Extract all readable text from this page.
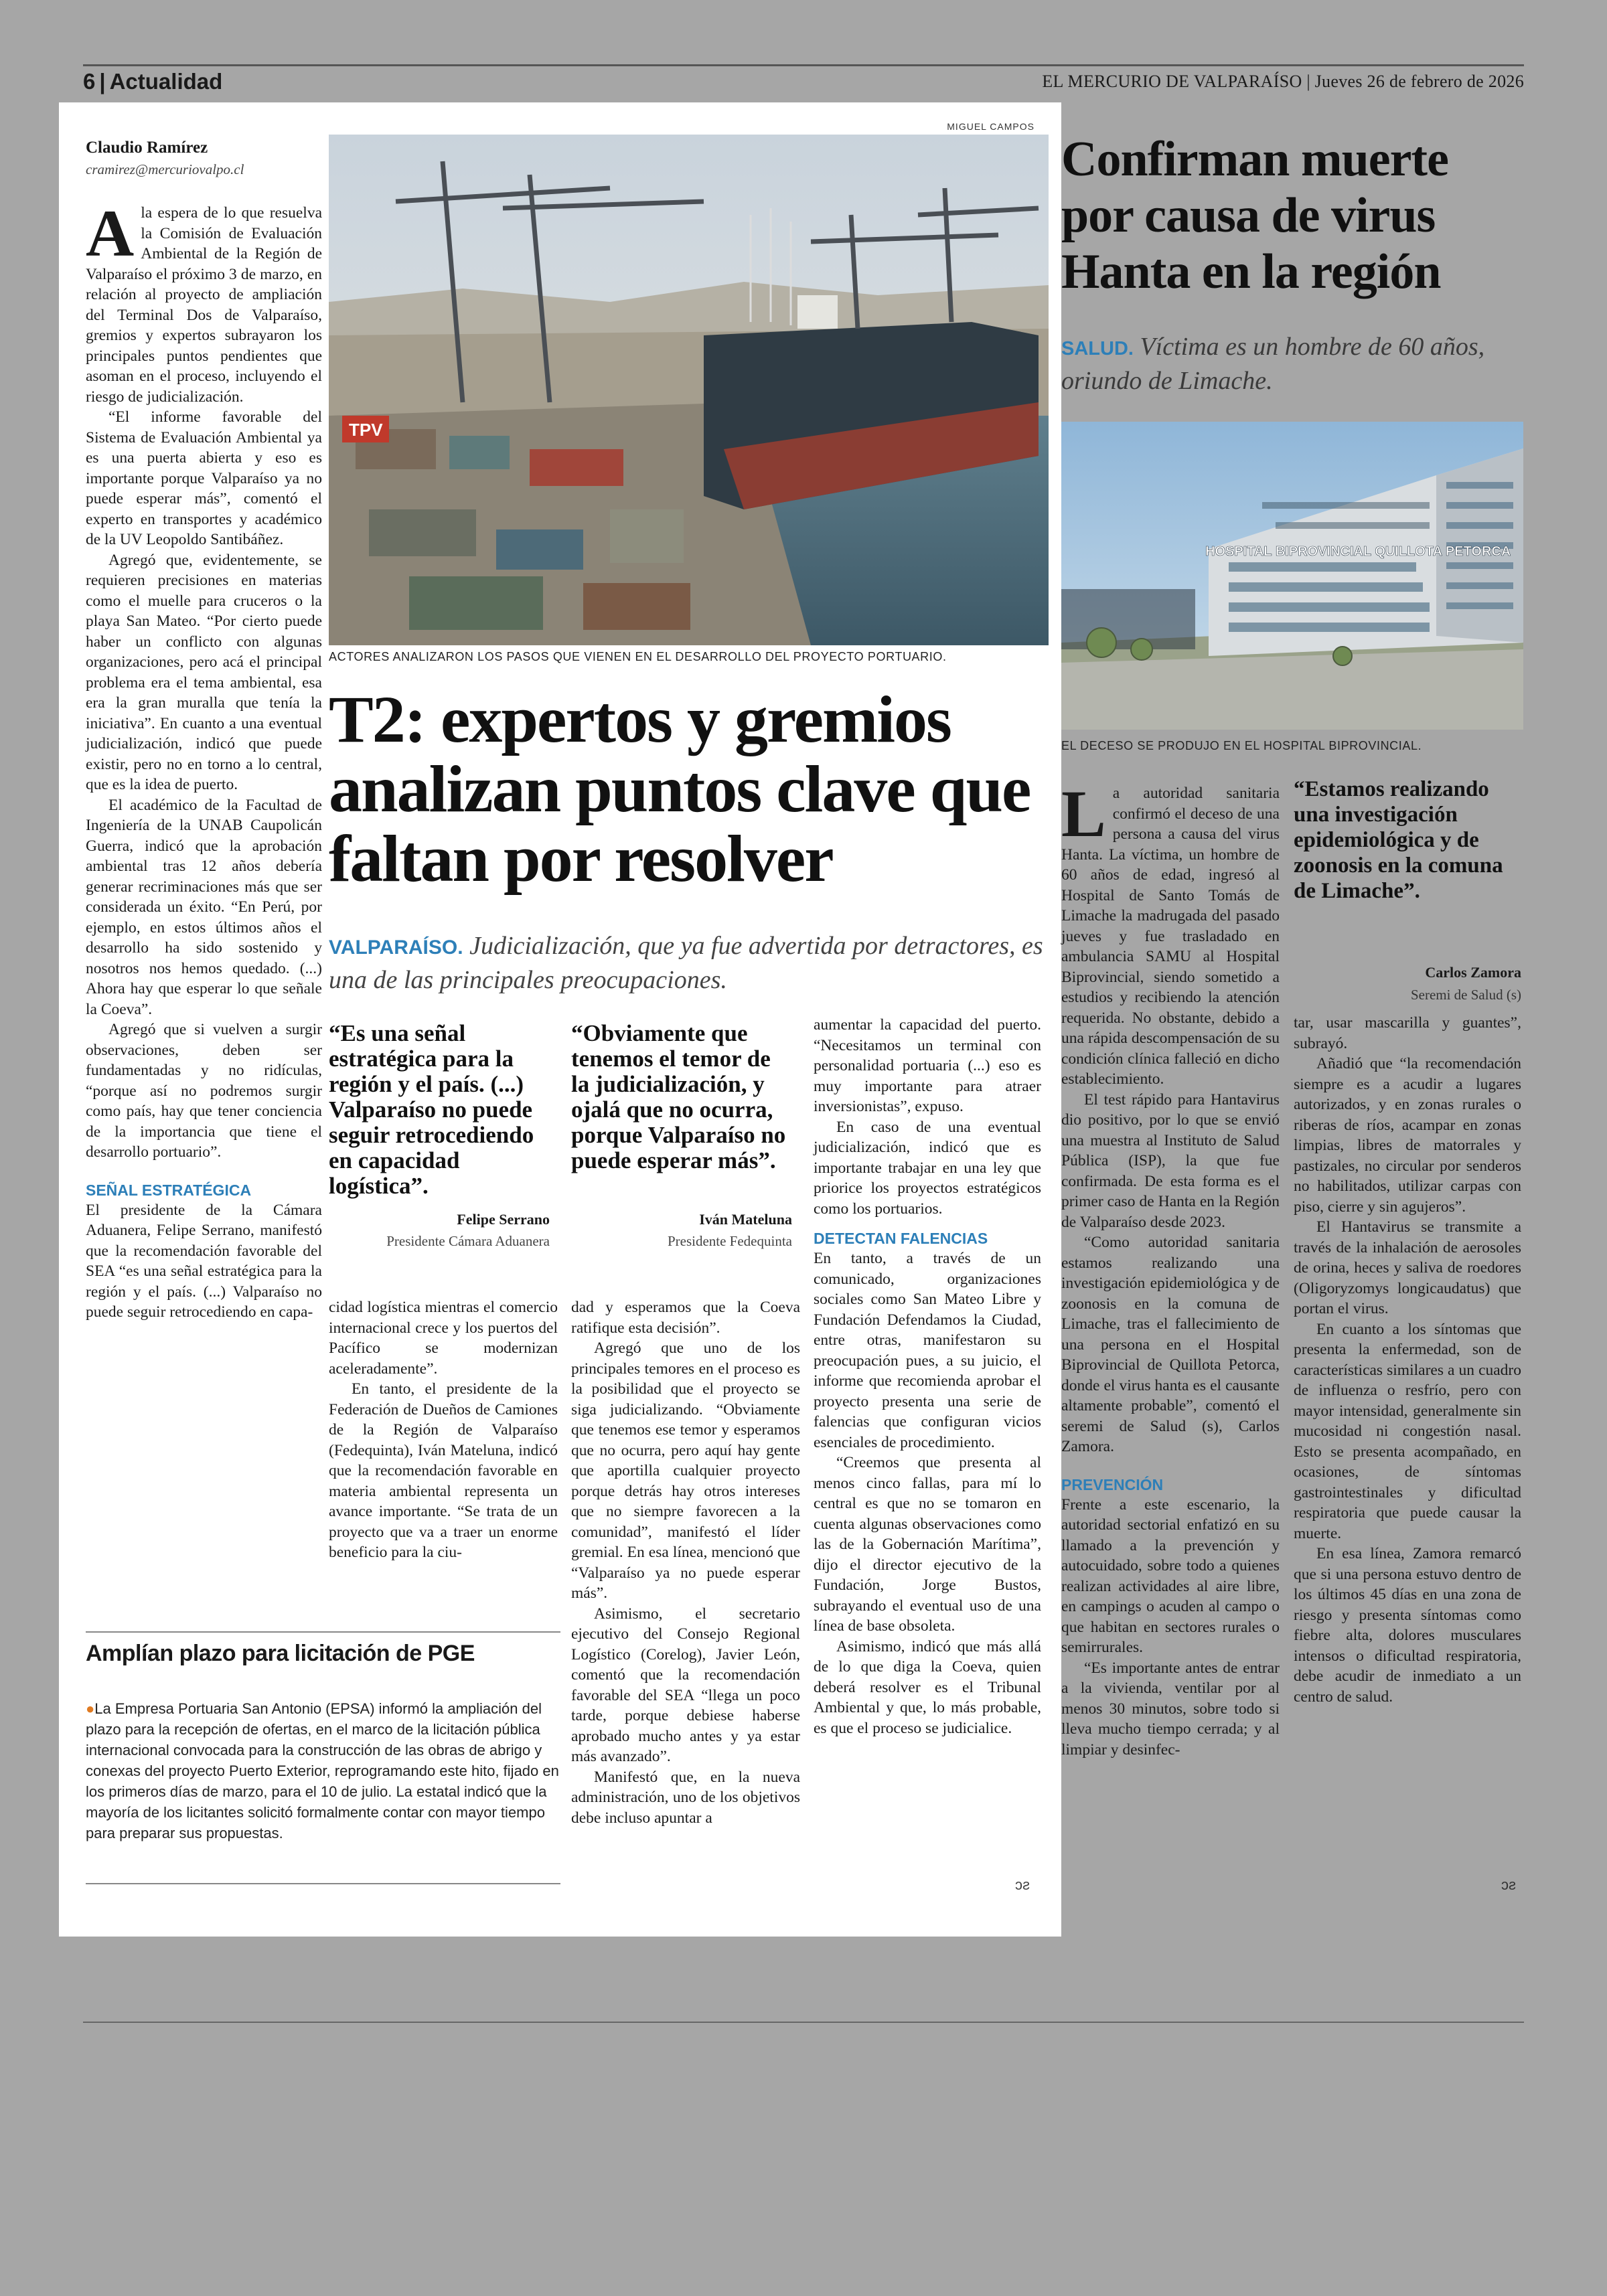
6 | Actualidad	EL MERCURIO DE VALPARAÍSO | Jueves 26 de febrero de 2026
Claudio Ramírez
cramirez@mercuriovalpo.cl

Ala espera de lo que resuelva la Comisión de Evaluación Ambiental de la Región de Valparaíso el próximo 3 de marzo, en relación al proyecto de ampliación del Terminal Dos de Valparaíso, gremios y expertos subrayaron los principales puntos pendientes que asoman en el proceso, incluyendo el riesgo de judicialización.

“El informe favorable del Sistema de Evaluación Ambiental ya es una puerta abierta y eso es importante porque Valparaíso ya no puede esperar más”, comentó el experto en transportes y académico de la UV Leopoldo Santibáñez.

Agregó que, evidentemente, se requieren precisiones en materias como el muelle para cruceros o la playa San Mateo. “Por cierto puede haber un conflicto con algunas organizaciones, pero acá el principal problema era el tema ambiental, esa era la gran muralla que tenía la iniciativa”. En cuanto a una eventual judicialización, indicó que puede existir, pero no en torno a lo central, que es la idea de puerto.

El académico de la Facultad de Ingeniería de la UNAB Caupolicán Guerra, indicó que la aprobación ambiental tras 12 años debería generar recriminaciones más que ser considerada un éxito. “En Perú, por ejemplo, en estos últimos años el desarrollo ha sido sostenido y nosotros nos hemos quedado. (...) Ahora hay que esperar lo que señale la Coeva”.

Agregó que si vuelven a surgir observaciones, deben ser fundamentadas y no ridículas, “porque así no podremos surgir como país, hay que tener conciencia de la importancia que tiene el desarrollo portuario”.

SEÑAL ESTRATÉGICA

El presidente de la Cámara Aduanera, Felipe Serrano, manifestó que la recomendación favorable del SEA “es una señal estratégica para la región y el país. (...) Valparaíso no puede seguir retrocediendo en capa-

MIGUEL CAMPOS
TPV
ACTORES ANALIZARON LOS PASOS QUE VIENEN EN EL DESARROLLO DEL PROYECTO PORTUARIO.
T2: expertos y gremios analizan puntos clave que faltan por resolver
VALPARAÍSO. Judicialización, que ya fue advertida por detractores, es una de las principales preocupaciones.
“Es una señal estratégica para la región y el país. (...) Valparaíso no puede seguir retrocediendo en capacidad logística”.
Felipe Serrano
Presidente Cámara Aduanera
“Obviamente que tenemos el temor de la judicialización, y ojalá que no ocurra, porque Valparaíso no puede esperar más”.
Iván Mateluna
Presidente Fedequinta

cidad logística mientras el comercio internacional crece y los puertos del Pacífico se modernizan aceleradamente”.

En tanto, el presidente de la Federación de Dueños de Camiones de la Región de Valparaíso (Fedequinta), Iván Mateluna, indicó que la recomendación favorable en materia ambiental representa un avance importante. “Se trata de un proyecto que va a traer un enorme beneficio para la ciu-

dad y esperamos que la Coeva ratifique esta decisión”.

Agregó que uno de los principales temores en el proceso es la posibilidad que el proyecto se siga judicializando. “Obviamente que tenemos ese temor y esperamos que no ocurra, pero aquí hay gente que aportilla cualquier proyecto porque detrás hay otros intereses que no siempre favorecen a la comunidad”, manifestó el líder gremial. En esa línea, mencionó que “Valparaíso ya no puede esperar más”.

Asimismo, el secretario ejecutivo del Consejo Regional Logístico (Corelog), Javier León, comentó que la recomendación favorable del SEA “llega un poco tarde, porque debiese haberse aprobado mucho antes y ya estar más avanzado”.

Manifestó que, en la nueva administración, uno de los objetivos debe incluso apuntar a

aumentar la capacidad del puerto. “Necesitamos un terminal con personalidad portuaria (...) eso es muy importante para atraer inversionistas”, expuso.

En caso de una eventual judicialización, indicó que es importante trabajar en una ley que priorice los proyectos estratégicos como los portuarios.

DETECTAN FALENCIAS

En tanto, a través de un comunicado, organizaciones sociales como San Mateo Libre y Fundación Defendamos la Ciudad, entre otras, manifestaron su preocupación pues, a su juicio, el informe que recomienda aprobar el proyecto presenta una serie de falencias que configuran vicios esenciales de procedimiento.

“Creemos que presenta al menos cinco fallas, para mí lo central es que no se tomaron en cuenta algunas observaciones como las de la Gobernación Marítima”, dijo el director ejecutivo de la Fundación, Jorge Bustos, subrayando el eventual uso de una línea de base obsoleta.

Asimismo, indicó que más allá de lo que diga la Coeva, quien deberá resolver es el Tribunal Ambiental y que, lo más probable, es que el proceso se judicialice.

ↄƨ
Amplían plazo para licitación de PGE
●La Empresa Portuaria San Antonio (EPSA) informó la ampliación del plazo para la recepción de ofertas, en el marco de la licitación pública internacional convocada para la construcción de las obras de abrigo y conexas del proyecto Puerto Exterior, reprogramando este hito, fijado en los primeros días de marzo, para el 10 de julio. La estatal indicó que la mayoría de los licitantes solicitó formalmente contar con mayor tiempo para preparar sus propuestas.
Confirman muerte por causa de virus Hanta en la región
SALUD. Víctima es un hombre de 60 años, oriundo de Limache.
HOSPITAL BIPROVINCIAL QUILLOTA PETORCA
EL DECESO SE PRODUJO EN EL HOSPITAL BIPROVINCIAL.

La autoridad sanitaria confirmó el deceso de una persona a causa del virus Hanta. La víctima, un hombre de 60 años de edad, ingresó al Hospital de Santo Tomás de Limache la madrugada del pasado jueves y fue trasladado en ambulancia SAMU al Hospital Biprovincial, siendo sometido a estudios y recibiendo la atención requerida. No obstante, debido a una rápida descompensación de su condición clínica falleció en dicho establecimiento.

El test rápido para Hantavirus dio positivo, por lo que se envió una muestra al Instituto de Salud Pública (ISP), la que fue confirmada. De esta forma es el primer caso de Hanta en la Región de Valparaíso desde 2023.

“Como autoridad sanitaria estamos realizando una investigación epidemiológica y de zoonosis en la comuna de Limache, tras el fallecimiento de una persona en el Hospital Biprovincial de Quillota Petorca, donde el virus hanta es el causante altamente probable”, comentó el seremi de Salud (s), Carlos Zamora.

PREVENCIÓN

Frente a este escenario, la autoridad sectorial enfatizó en su llamado a la prevención y autocuidado, sobre todo a quienes realizan actividades al aire libre, en campings o acuden al campo o que habitan en sectores rurales o semirrurales.

“Es importante antes de entrar a la vivienda, ventilar por al menos 30 minutos, sobre todo si lleva mucho tiempo cerrada; y al limpiar y desinfec-

“Estamos realizando una investigación epidemiológica y de zoonosis en la comuna de Limache”.
Carlos Zamora
Seremi de Salud (s)

tar, usar mascarilla y guantes”, subrayó.

Añadió que “la recomendación siempre es a acudir a lugares autorizados, y en zonas rurales o riberas de ríos, acampar en zonas limpias, libres de matorrales y pastizales, no circular por senderos no habilitados, utilizar carpas con piso, cierre y sin agujeros”.

El Hantavirus se transmite a través de la inhalación de aerosoles de orina, heces y saliva de roedores (Oligoryzomys longicaudatus) que portan el virus.

En cuanto a los síntomas que presenta la enfermedad, son de características similares a un cuadro de influenza o resfrío, pero con mayor intensidad, generalmente sin mucosidad ni congestión nasal. Esto se presenta acompañado, en ocasiones, de síntomas gastrointestinales y dificultad respiratoria que puede causar la muerte.

En esa línea, Zamora remarcó que si una persona estuvo dentro de los últimos 45 días en una zona de riesgo y presenta síntomas como fiebre alta, dolores musculares intensos o dificultad respiratoria, debe acudir de inmediato a un centro de salud.

ↄƨ
